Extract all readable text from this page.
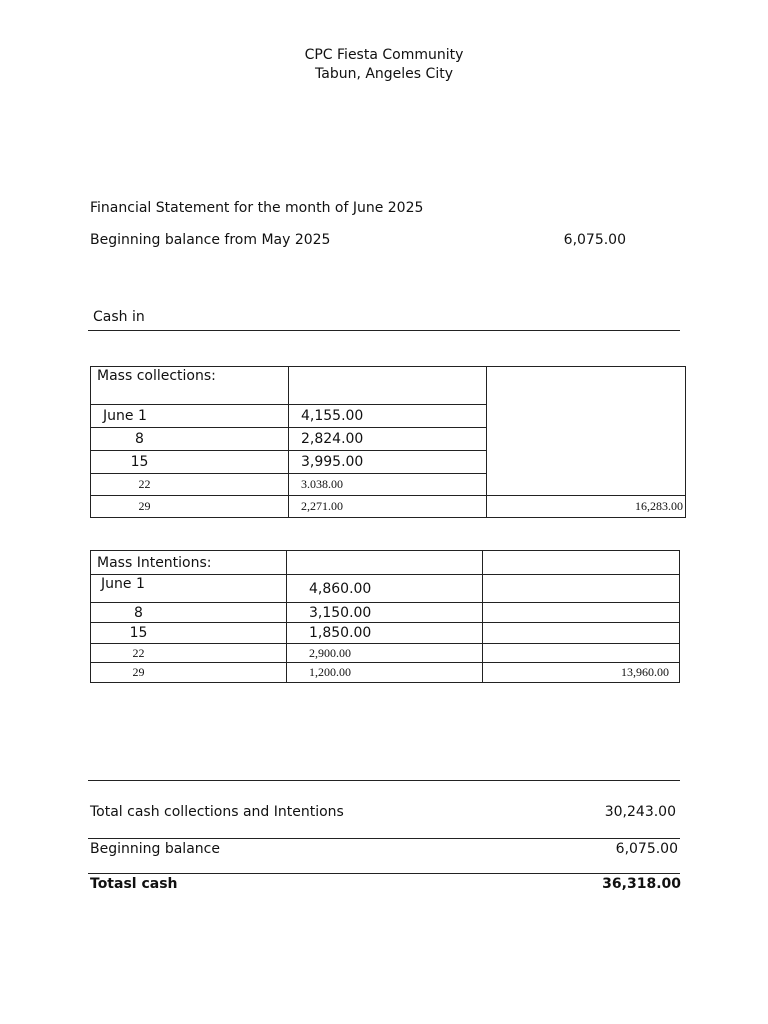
CPC Fiesta Community
Tabun, Angeles City
Financial Statement for the month of June 2025
Beginning balance from May 2025	6,075.00
Cash in
Mass collections:		
June 1	4,155.00	
8	2,824.00	
15	3,995.00	
22	3.038.00	
29	2,271.00	16,283.00
Mass Intentions:		
June 1	4,860.00	
8	3,150.00	
15	1,850.00	
22	2,900.00	
29	1,200.00	13,960.00
Total cash collections and Intentions	30,243.00
Beginning balance	6,075.00
Totasl cash	36,318.00
